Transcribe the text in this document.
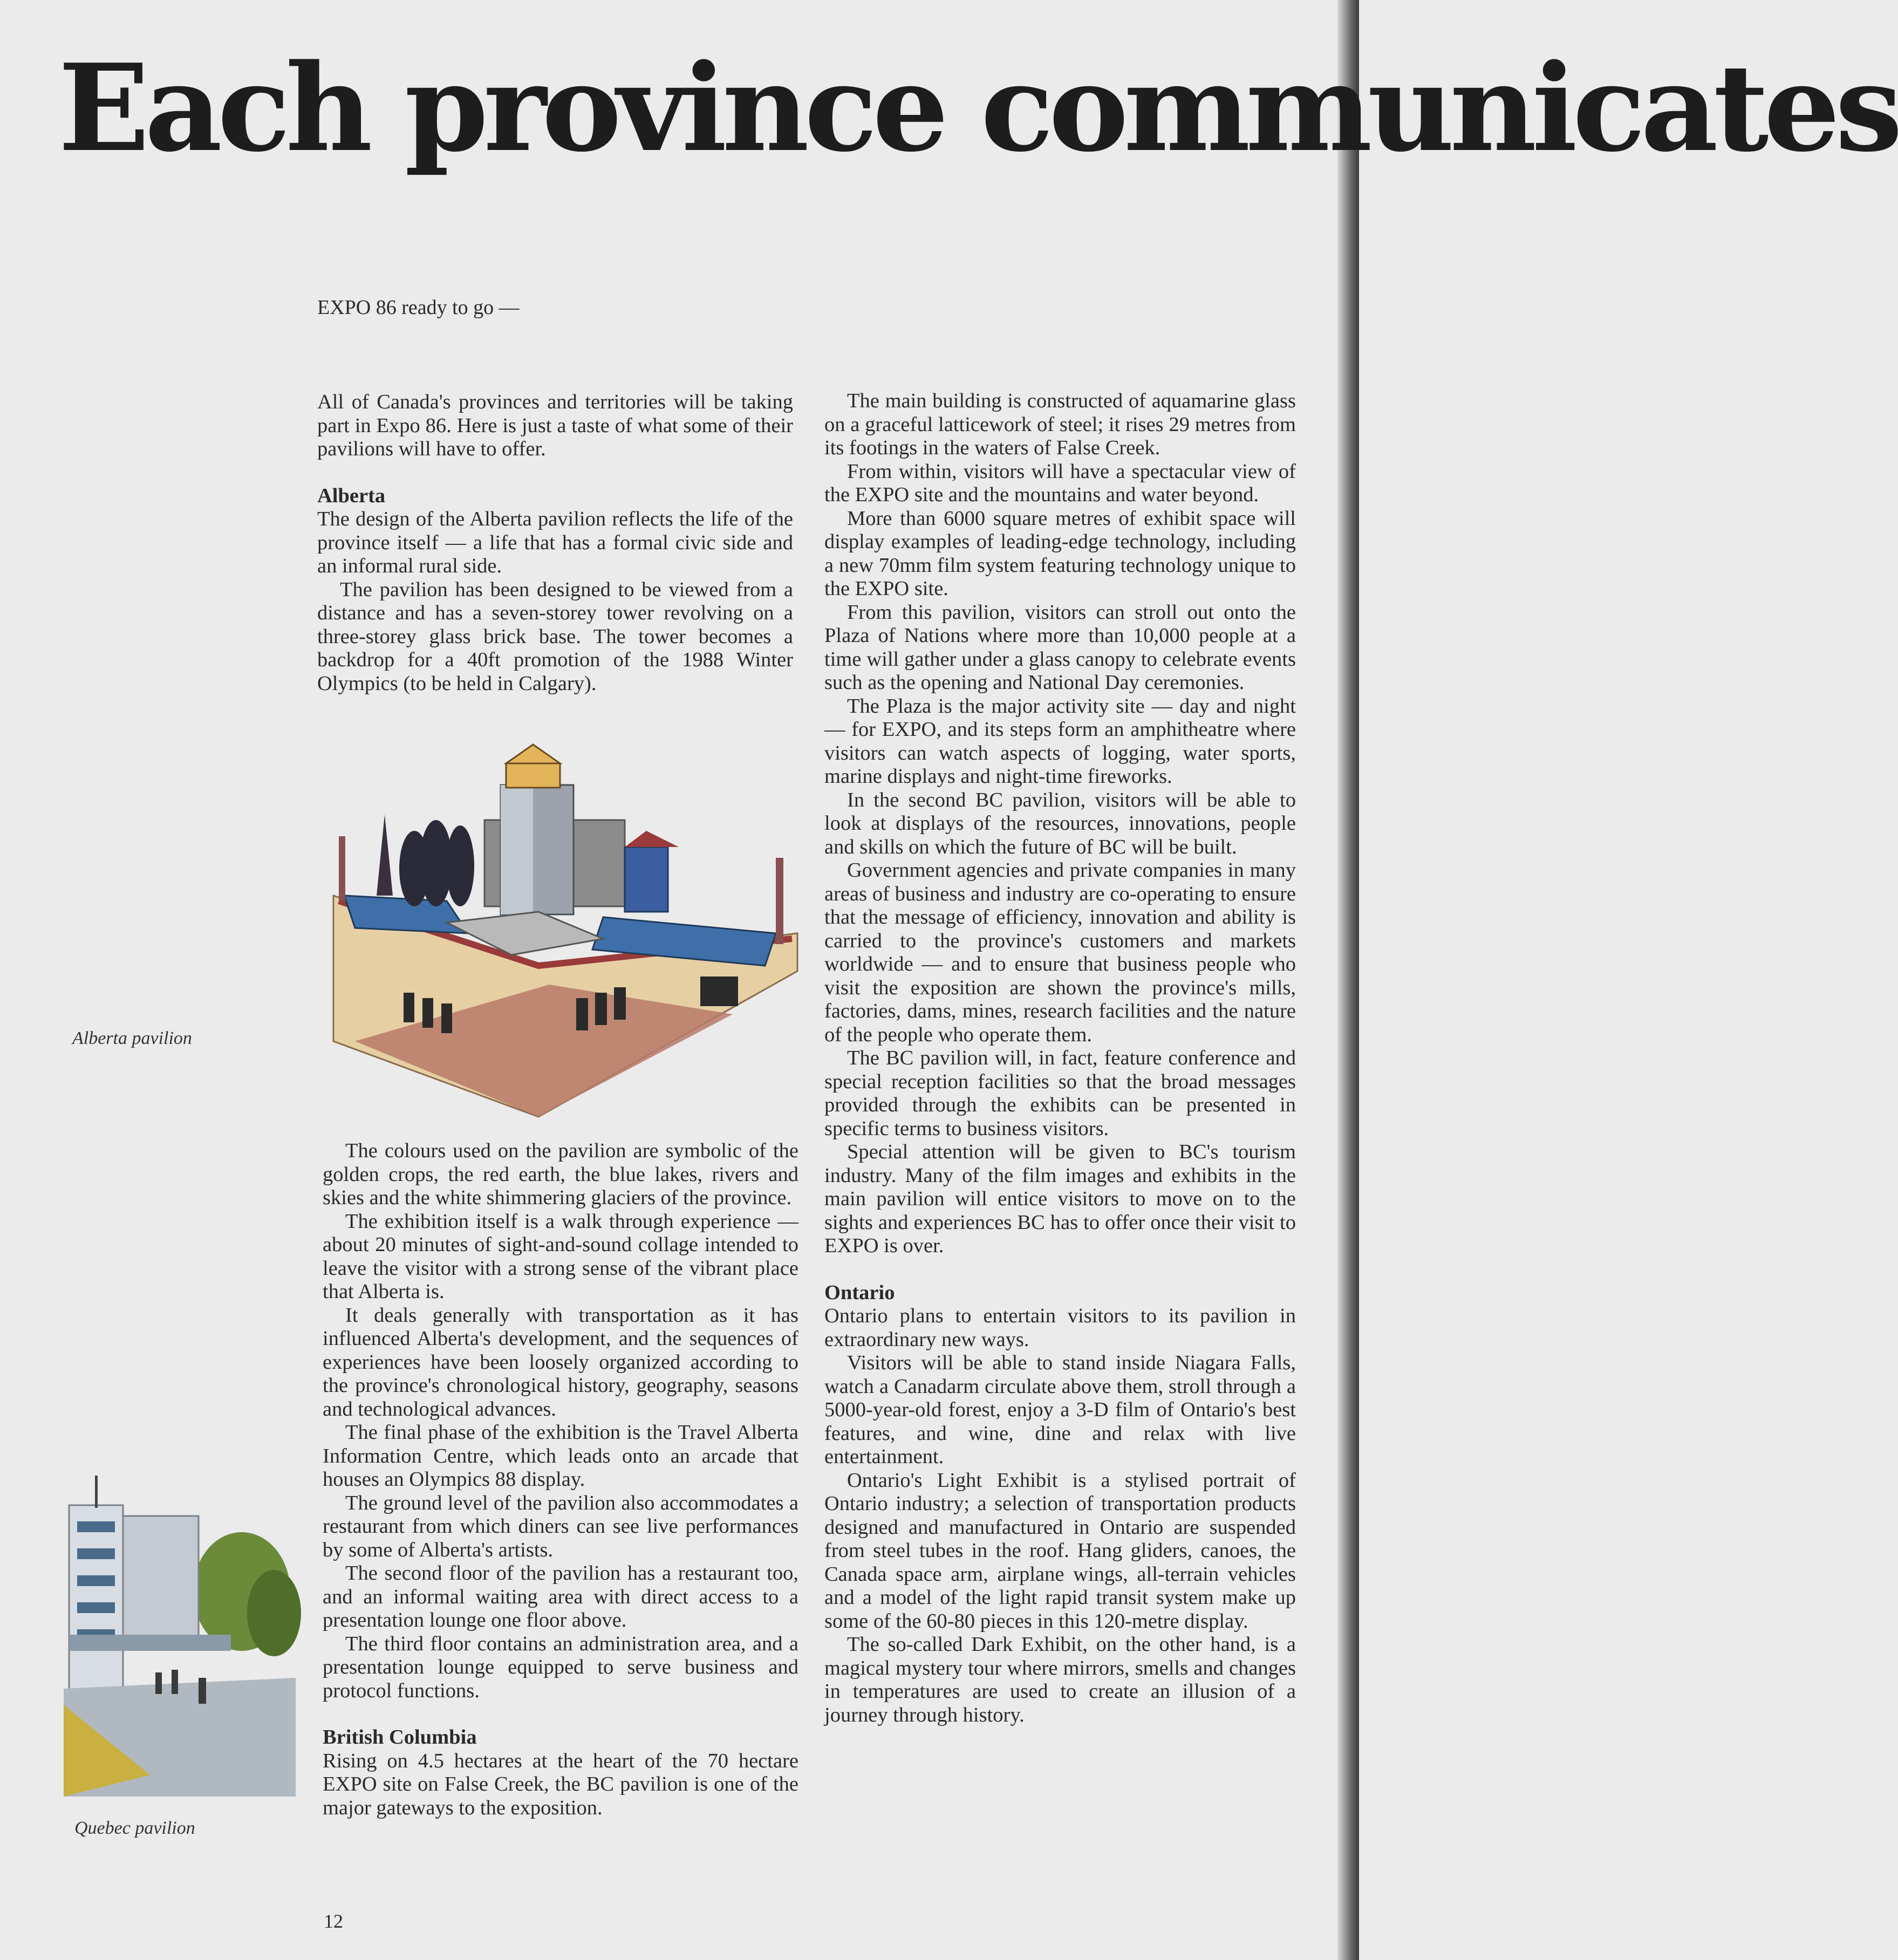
Each province communicates

EXPO 86 ready to go —

All of Canada's provinces and territories will be taking part in Expo 86. Here is just a taste of what some of their pavilions will have to offer.

Alberta

The design of the Alberta pavilion reflects the life of the province itself — a life that has a formal civic side and an informal rural side.

The pavilion has been designed to be viewed from a distance and has a seven-storey tower revolving on a three-storey glass brick base. The tower becomes a backdrop for a 40ft promotion of the 1988 Winter Olympics (to be held in Calgary).

Alberta pavilion

The colours used on the pavilion are symbolic of the golden crops, the red earth, the blue lakes, rivers and skies and the white shimmering glaciers of the province.

The exhibition itself is a walk through experience — about 20 minutes of sight-and-sound collage intended to leave the visitor with a strong sense of the vibrant place that Alberta is.

It deals generally with transportation as it has influenced Alberta's development, and the sequences of experiences have been loosely organized according to the province's chronological history, geography, seasons and technological advances.

The final phase of the exhibition is the Travel Alberta Information Centre, which leads onto an arcade that houses an Olympics 88 display.

The ground level of the pavilion also accommodates a restaurant from which diners can see live performances by some of Alberta's artists.

The second floor of the pavilion has a restaurant too, and an informal waiting area with direct access to a presentation lounge one floor above.

The third floor contains an administration area, and a presentation lounge equipped to serve business and protocol functions.

British Columbia

Rising on 4.5 hectares at the heart of the 70 hectare EXPO site on False Creek, the BC pavilion is one of the major gateways to the exposition.

Quebec pavilion

The main building is constructed of aquamarine glass on a graceful latticework of steel; it rises 29 metres from its footings in the waters of False Creek.

From within, visitors will have a spectacular view of the EXPO site and the mountains and water beyond.

More than 6000 square metres of exhibit space will display examples of leading-edge technology, including a new 70mm film system featuring technology unique to the EXPO site.

From this pavilion, visitors can stroll out onto the Plaza of Nations where more than 10,000 people at a time will gather under a glass canopy to celebrate events such as the opening and National Day ceremonies.

The Plaza is the major activity site — day and night — for EXPO, and its steps form an amphitheatre where visitors can watch aspects of logging, water sports, marine displays and night-time fireworks.

In the second BC pavilion, visitors will be able to look at displays of the resources, innovations, people and skills on which the future of BC will be built.

Government agencies and private companies in many areas of business and industry are co-operating to ensure that the message of efficiency, innovation and ability is carried to the province's customers and markets worldwide — and to ensure that business people who visit the exposition are shown the province's mills, factories, dams, mines, research facilities and the nature of the people who operate them.

The BC pavilion will, in fact, feature conference and special reception facilities so that the broad messages provided through the exhibits can be presented in specific terms to business visitors.

Special attention will be given to BC's tourism industry. Many of the film images and exhibits in the main pavilion will entice visitors to move on to the sights and experiences BC has to offer once their visit to EXPO is over.

Ontario

Ontario plans to entertain visitors to its pavilion in extraordinary new ways.

Visitors will be able to stand inside Niagara Falls, watch a Canadarm circulate above them, stroll through a 5000-year-old forest, enjoy a 3-D film of Ontario's best features, and wine, dine and relax with live entertainment.

Ontario's Light Exhibit is a stylised portrait of Ontario industry; a selection of transportation products designed and manufactured in Ontario are suspended from steel tubes in the roof. Hang gliders, canoes, the Canada space arm, airplane wings, all-terrain vehicles and a model of the light rapid transit system make up some of the 60-80 pieces in this 120-metre display.

The so-called Dark Exhibit, on the other hand, is a magical mystery tour where mirrors, smells and changes in temperatures are used to create an illusion of a journey through history.

12
